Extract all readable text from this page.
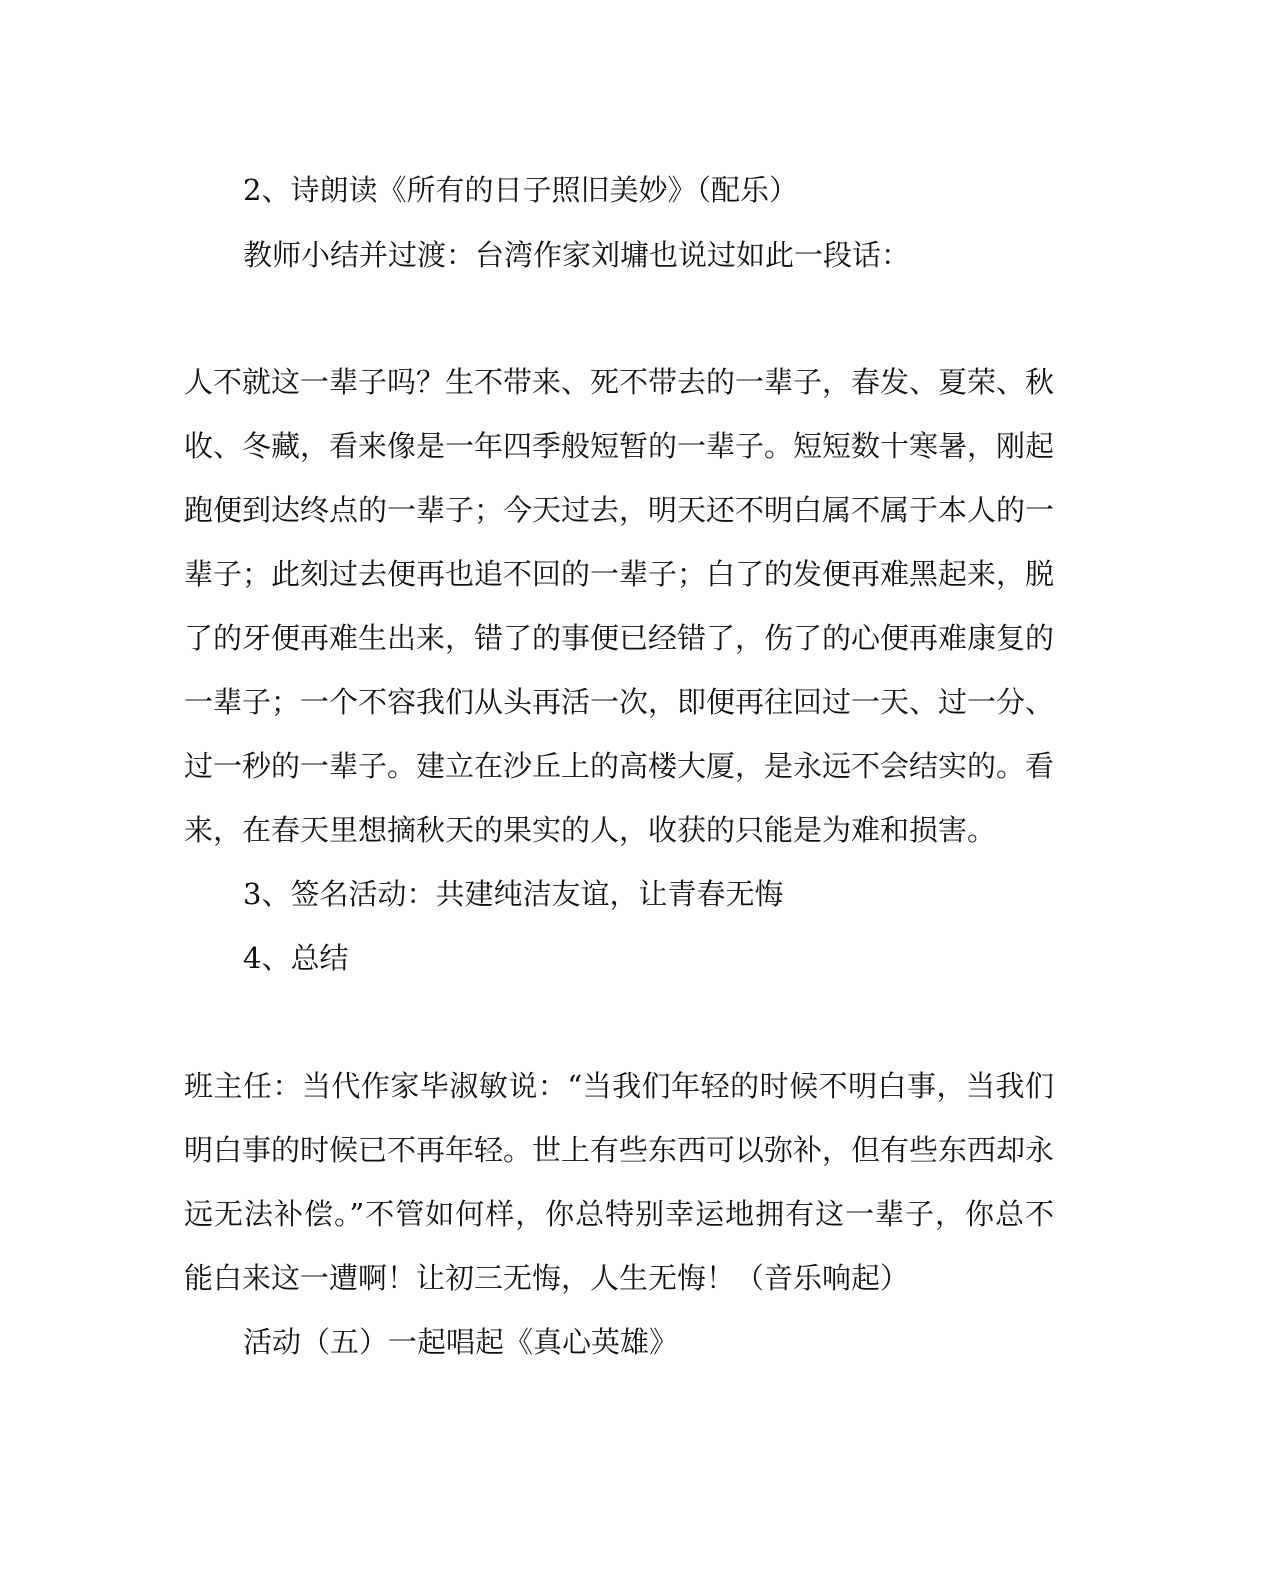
2、诗朗读《所有的日子照旧美妙》（配乐）

教师小结并过渡：台湾作家刘墉也说过如此一段话：

人不就这一辈子吗？生不带来、死不带去的一辈子，春发、夏荣、秋

收、冬藏，看来像是一年四季般短暂的一辈子。短短数十寒暑，刚起

跑便到达终点的一辈子；今天过去，明天还不明白属不属于本人的一

辈子；此刻过去便再也追不回的一辈子；白了的发便再难黑起来，脱

了的牙便再难生出来，错了的事便已经错了，伤了的心便再难康复的

一辈子；一个不容我们从头再活一次，即便再往回过一天、过一分、

过一秒的一辈子。建立在沙丘上的高楼大厦，是永远不会结实的。看

来，在春天里想摘秋天的果实的人，收获的只能是为难和损害。

3、签名活动：共建纯洁友谊，让青春无悔

4、总结

班主任：当代作家毕淑敏说：“当我们年轻的时候不明白事，当我们

明白事的时候已不再年轻。世上有些东西可以弥补，但有些东西却永

远无法补偿。”不管如何样，你总特别幸运地拥有这一辈子，你总不

能白来这一遭啊！让初三无悔，人生无悔！（音乐响起）

活动（五）一起唱起《真心英雄》
